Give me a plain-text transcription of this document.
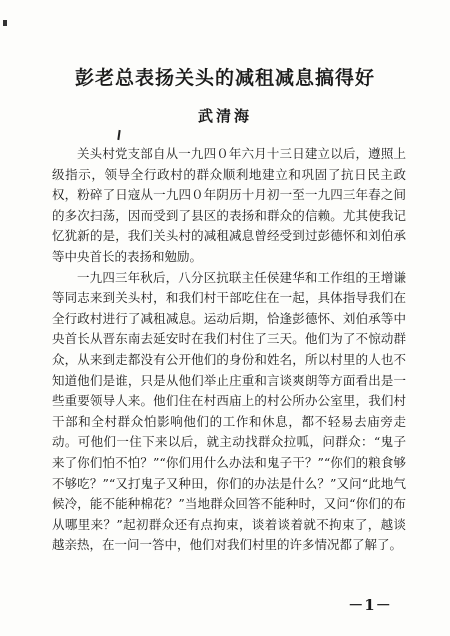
彭老总表扬关头的减租减息搞得好
武清海

关头村党支部自从一九四０年六月十三日建立以后，遵照上级指示，领导全行政村的群众顺利地建立和巩固了抗日民主政权，粉碎了日寇从一九四０年阴历十月初一至一九四三年春之间的多次扫荡，因而受到了县区的表扬和群众的信赖。尤其使我记忆犹新的是，我们关头村的减租减息曾经受到过彭德怀和刘伯承等中央首长的表扬和勉励。

一九四三年秋后，八分区抗联主任侯建华和工作组的王增谦等同志来到关头村，和我们村干部吃住在一起，具体指导我们在全行政村进行了减租减息。运动后期，恰逢彭德怀、刘伯承等中央首长从晋东南去延安时在我们村住了三天。他们为了不惊动群众，从来到走都没有公开他们的身份和姓名，所以村里的人也不知道他们是谁，只是从他们举止庄重和言谈爽朗等方面看出是一些重要领导人来。他们住在村西庙上的村公所办公室里，我们村干部和全村群众怕影响他们的工作和休息，都不轻易去庙旁走动。可他们一住下来以后，就主动找群众拉呱，问群众：“鬼子来了你们怕不怕？”“你们用什么办法和鬼子干？”“你们的粮食够不够吃？”“又打鬼子又种田，你们的办法是什么？”又问“此地气候冷，能不能种棉花？”当地群众回答不能种时，又问“你们的布从哪里来？”起初群众还有点拘束，谈着谈着就不拘束了，越谈越亲热，在一问一答中，他们对我们村里的许多情况都了解了。

－1－
